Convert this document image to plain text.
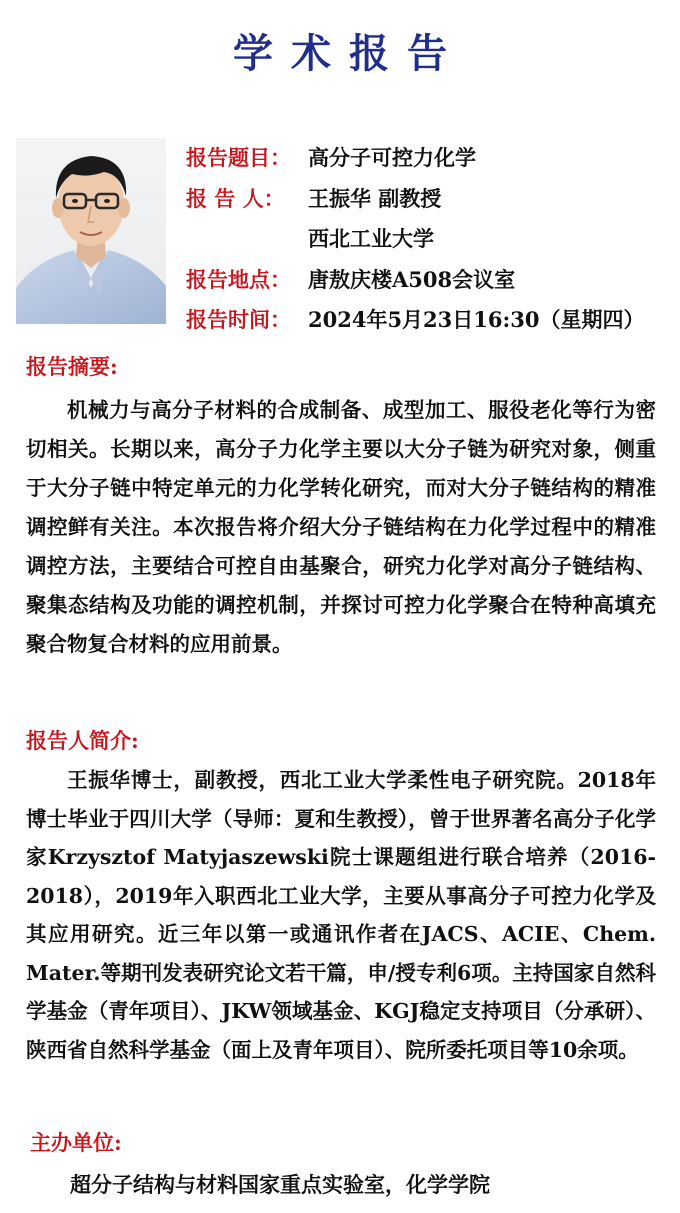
学术报告
报告题目： 高分子可控力化学
报 告 人： 王振华 副教授
西北工业大学
报告地点： 唐敖庆楼A508会议室
报告时间： 2024年5月23日16:30（星期四）
报告摘要:
机械力与高分子材料的合成制备、成型加工、服役老化等行为密切相关。长期以来，高分子力化学主要以大分子链为研究对象，侧重于大分子链中特定单元的力化学转化研究，而对大分子链结构的精准调控鲜有关注。本次报告将介绍大分子链结构在力化学过程中的精准调控方法，主要结合可控自由基聚合，研究力化学对高分子链结构、聚集态结构及功能的调控机制，并探讨可控力化学聚合在特种高填充聚合物复合材料的应用前景。
报告人简介:
王振华博士，副教授，西北工业大学柔性电子研究院。2018年博士毕业于四川大学（导师：夏和生教授），曾于世界著名高分子化学家Krzysztof Matyjaszewski院士课题组进行联合培养（2016-2018），2019年入职西北工业大学，主要从事高分子可控力化学及其应用研究。近三年以第一或通讯作者在JACS、ACIE、Chem. Mater.等期刊发表研究论文若干篇，申/授专利6项。主持国家自然科学基金（青年项目）、JKW领域基金、KGJ稳定支持项目（分承研）、陕西省自然科学基金（面上及青年项目）、院所委托项目等10余项。
主办单位:
超分子结构与材料国家重点实验室，化学学院
